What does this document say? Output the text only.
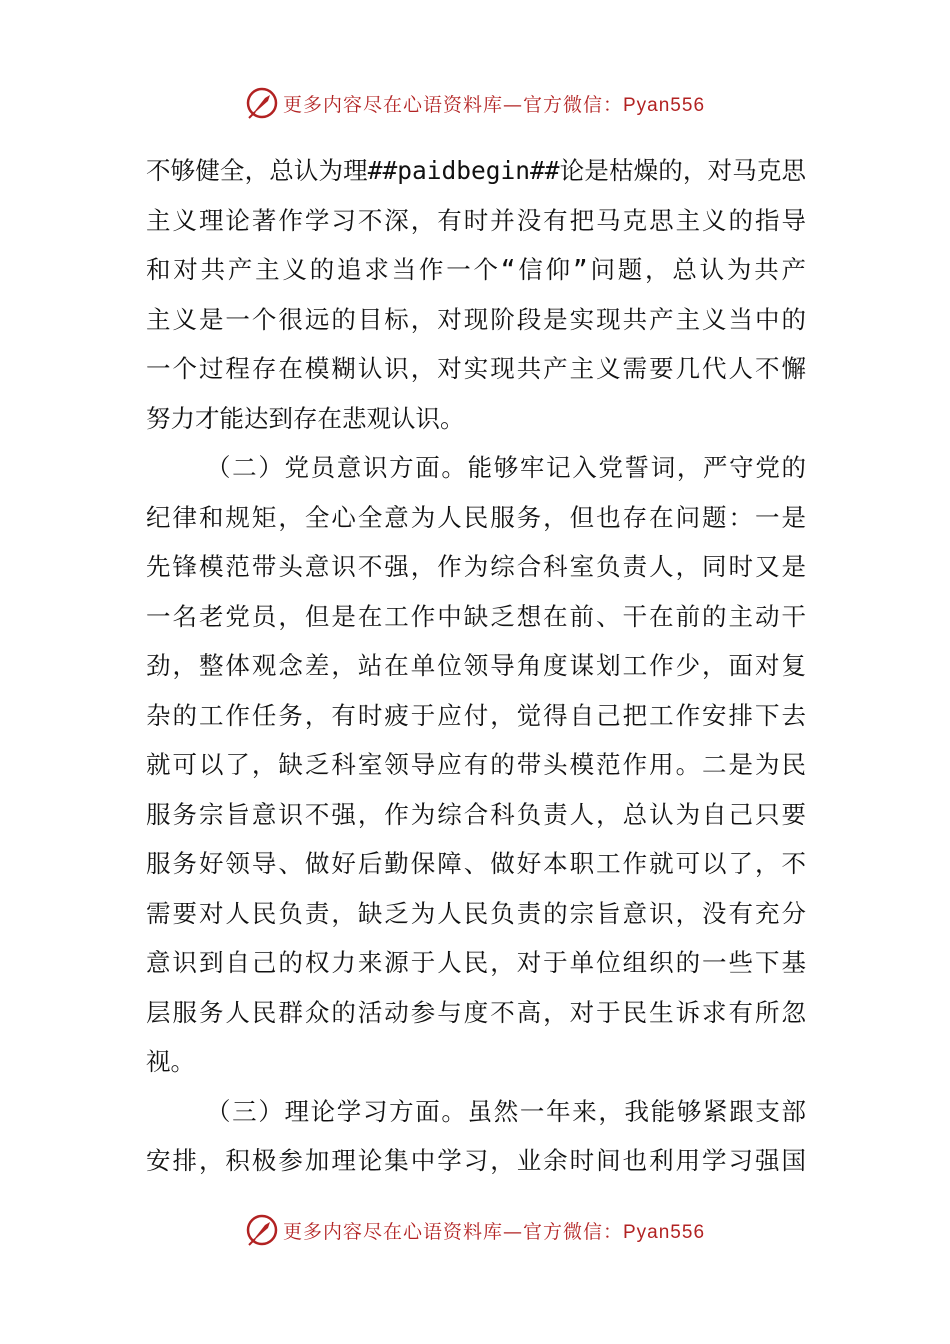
更多内容尽在心语资料库—官方微信：Pyan556
不够健全，总认为理##paidbegin##论是枯燥的，对马克思
主义理论著作学习不深，有时并没有把马克思主义的指导
和对共产主义的追求当作一个“信仰”问题，总认为共产
主义是一个很远的目标，对现阶段是实现共产主义当中的
一个过程存在模糊认识，对实现共产主义需要几代人不懈
努力才能达到存在悲观认识。
（二）党员意识方面。能够牢记入党誓词，严守党的
纪律和规矩，全心全意为人民服务，但也存在问题：一是
先锋模范带头意识不强，作为综合科室负责人，同时又是
一名老党员，但是在工作中缺乏想在前、干在前的主动干
劲，整体观念差，站在单位领导角度谋划工作少，面对复
杂的工作任务，有时疲于应付，觉得自己把工作安排下去
就可以了，缺乏科室领导应有的带头模范作用。二是为民
服务宗旨意识不强，作为综合科负责人，总认为自己只要
服务好领导、做好后勤保障、做好本职工作就可以了，不
需要对人民负责，缺乏为人民负责的宗旨意识，没有充分
意识到自己的权力来源于人民，对于单位组织的一些下基
层服务人民群众的活动参与度不高，对于民生诉求有所忽
视。
（三）理论学习方面。虽然一年来，我能够紧跟支部
安排，积极参加理论集中学习，业余时间也利用学习强国
更多内容尽在心语资料库—官方微信：Pyan556
